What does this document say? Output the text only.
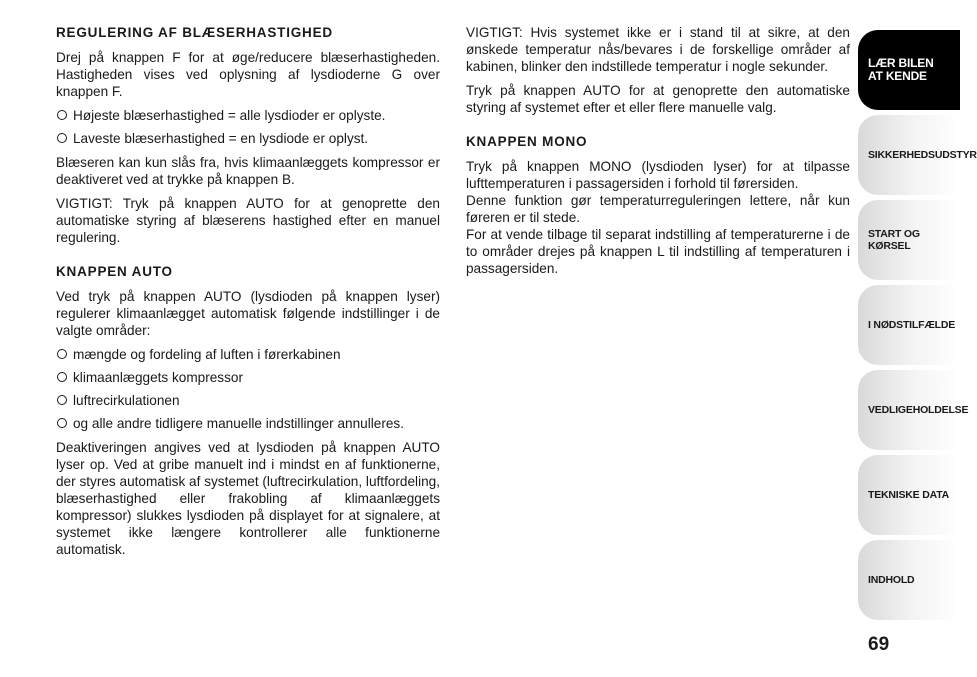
REGULERING AF BLÆSERHASTIGHED

Drej på knappen F for at øge/reducere blæserhastigheden. Hastigheden vises ved oplysning af lysdioderne G over knappen F.

Højeste blæserhastighed = alle lysdioder er oplyste.
Laveste blæserhastighed = en lysdiode er oplyst.

Blæseren kan kun slås fra, hvis klimaanlæggets kompressor er deaktiveret ved at trykke på knappen B.

VIGTIGT: Tryk på knappen AUTO for at genoprette den automatiske styring af blæserens hastighed efter en manuel regulering.

KNAPPEN AUTO

Ved tryk på knappen AUTO (lysdioden på knappen lyser) regulerer klimaanlægget automatisk følgende indstillinger i de valgte områder:

mængde og fordeling af luften i førerkabinen
klimaanlæggets kompressor
luftrecirkulationen
og alle andre tidligere manuelle indstillinger annulleres.

Deaktiveringen angives ved at lysdioden på knappen AUTO lyser op. Ved at gribe manuelt ind i mindst en af funktionerne, der styres automatisk af systemet (luftrecirkulation, luftfordeling, blæserhastighed eller frakobling af klimaanlæggets kompressor) slukkes lysdioden på displayet for at signalere, at systemet ikke længere kontrollerer alle funktionerne automatisk.

VIGTIGT: Hvis systemet ikke er i stand til at sikre, at den ønskede temperatur nås/bevares i de forskellige områder af kabinen, blinker den indstillede temperatur i nogle sekunder.

Tryk på knappen AUTO for at genoprette den automatiske styring af systemet efter et eller flere manuelle valg.

KNAPPEN MONO

Tryk på knappen MONO (lysdioden lyser) for at tilpasse lufttemperaturen i passagersiden i forhold til førersiden.

Denne funktion gør temperaturreguleringen lettere, når kun føreren er til stede.

For at vende tilbage til separat indstilling af temperaturerne i de to områder drejes på knappen L til indstilling af temperaturen i passagersiden.

LÆR BILEN
AT KENDE
SIKKERHEDSUDSTYR
START OG KØRSEL
I NØDSTILFÆLDE
VEDLIGEHOLDELSE
TEKNISKE DATA
INDHOLD
69
